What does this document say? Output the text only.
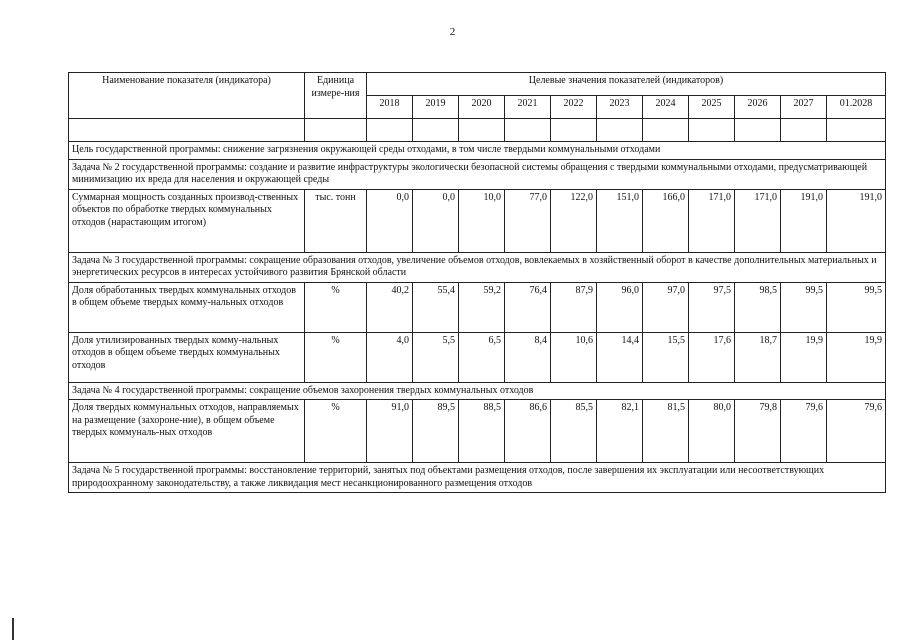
2
Наименование показателя (индикатора)	Единица измере-ния	Целевые значения показателей (индикаторов)										
		2018	2019	2020	2021	2022	2023	2024	2025	2026	2027	01.2028

Цель государственной программы: снижение загрязнения окружающей среды отходами, в том числе твердыми коммунальными отходами												
Задача № 2 государственной программы: создание и развитие инфраструктуры экологически безопасной системы обращения с твердыми коммунальными отходами, предусматривающей минимизацию их вреда для населения и окружающей среды												
Суммарная мощность созданных производ-ственных объектов по обработке твердых коммунальных отходов (нарастающим итогом)	тыс. тонн	0,0	0,0	10,0	77,0	122,0	151,0	166,0	171,0	171,0	191,0	191,0
Задача № 3 государственной программы: сокращение образования отходов, увеличение объемов отходов, вовлекаемых в хозяйственный оборот в качестве дополнительных материальных и энергетических ресурсов в интересах устойчивого развития Брянской области												
Доля обработанных твердых коммунальных отходов в общем объеме твердых комму-нальных отходов	%	40,2	55,4	59,2	76,4	87,9	96,0	97,0	97,5	98,5	99,5	99,5
Доля утилизированных твердых комму-нальных отходов в общем объеме твердых коммунальных отходов	%	4,0	5,5	6,5	8,4	10,6	14,4	15,5	17,6	18,7	19,9	19,9
Задача № 4 государственной программы: сокращение объемов захоронения твердых коммунальных отходов												
Доля твердых коммунальных отходов, направляемых на размещение (захороне-ние), в общем объеме твердых коммуналь-ных отходов	%	91,0	89,5	88,5	86,6	85,5	82,1	81,5	80,0	79,8	79,6	79,6
Задача № 5 государственной программы: восстановление территорий, занятых под объектами размещения отходов, после завершения их эксплуатации или несоответствующих природоохранному законодательству, а также ликвидация мест несанкционированного размещения отходов												
